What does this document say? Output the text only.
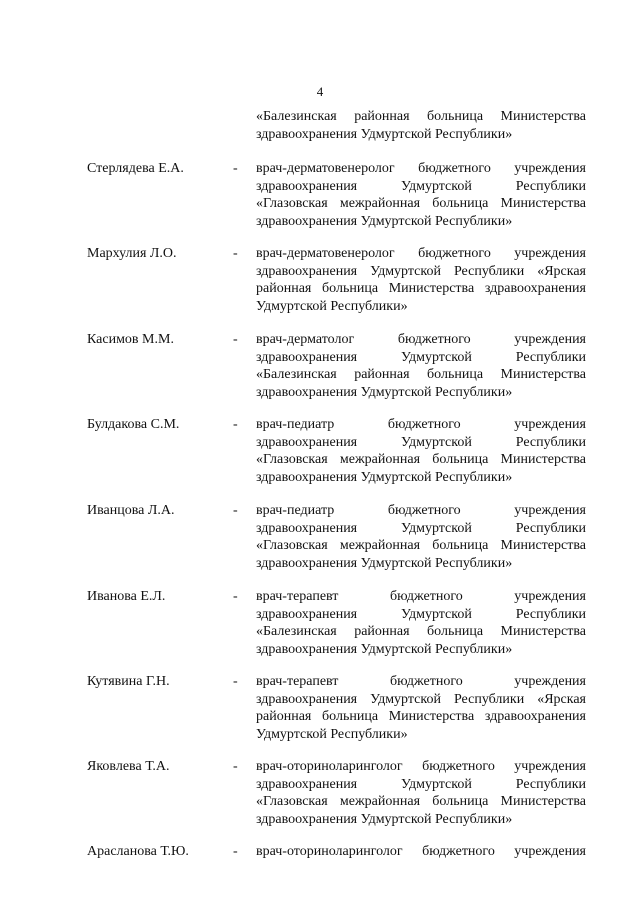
4
«Балезинская районная больница Министерства
здравоохранения Удмуртской Республики»
Стерлядева Е.А.	- врач-дерматовенеролог бюджетного учреждения
здравоохранения Удмуртской Республики
«Глазовская межрайонная больница Министерства
здравоохранения Удмуртской Республики»
Мархулия Л.О.	- врач-дерматовенеролог бюджетного учреждения
здравоохранения Удмуртской Республики «Ярская
районная больница Министерства здравоохранения
Удмуртской Республики»
Касимов М.М.	- врач-дерматолог бюджетного учреждения
здравоохранения Удмуртской Республики
«Балезинская районная больница Министерства
здравоохранения Удмуртской Республики»
Булдакова С.М.	- врач-педиатр бюджетного учреждения
здравоохранения Удмуртской Республики
«Глазовская межрайонная больница Министерства
здравоохранения Удмуртской Республики»
Иванцова Л.А.	- врач-педиатр бюджетного учреждения
здравоохранения Удмуртской Республики
«Глазовская межрайонная больница Министерства
здравоохранения Удмуртской Республики»
Иванова Е.Л.	- врач-терапевт бюджетного учреждения
здравоохранения Удмуртской Республики
«Балезинская районная больница Министерства
здравоохранения Удмуртской Республики»
Кутявина Г.Н.	- врач-терапевт бюджетного учреждения
здравоохранения Удмуртской Республики «Ярская
районная больница Министерства здравоохранения
Удмуртской Республики»
Яковлева Т.А.	- врач-оториноларинголог бюджетного учреждения
здравоохранения Удмуртской Республики
«Глазовская межрайонная больница Министерства
здравоохранения Удмуртской Республики»
Арасланова Т.Ю.	- врач-оториноларинголог бюджетного учреждения
